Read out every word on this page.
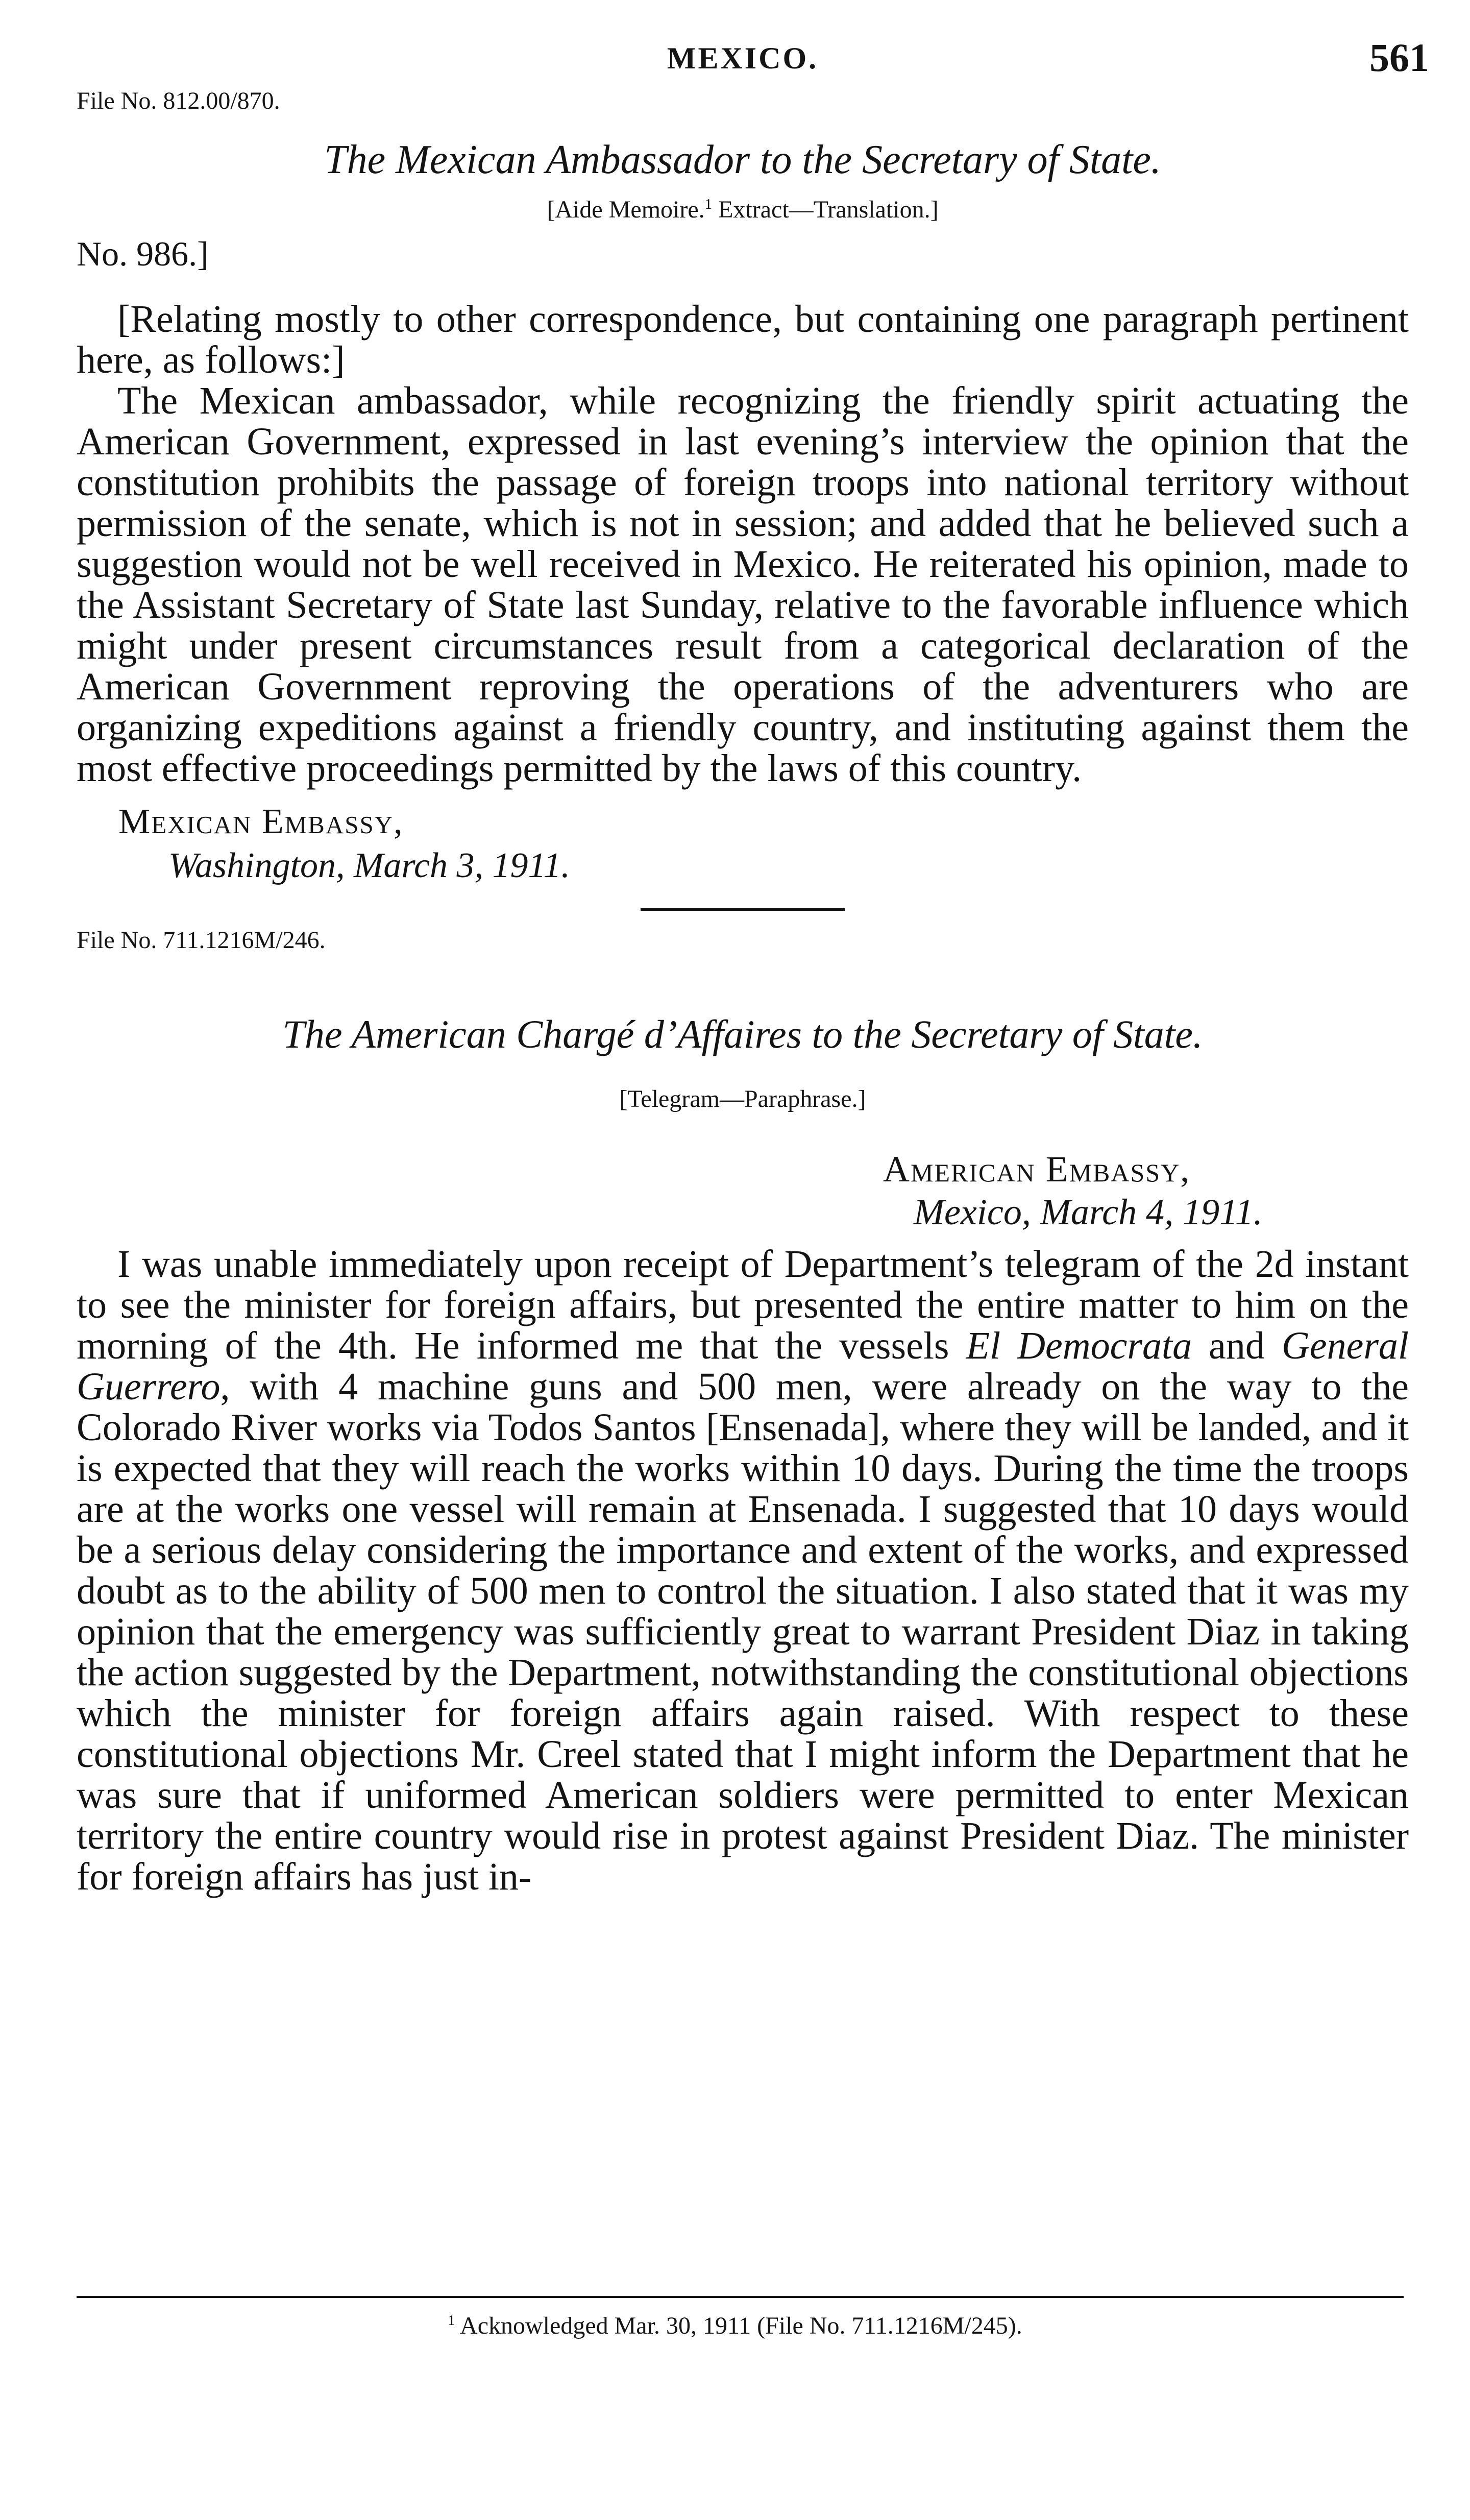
MEXICO.	561

File No. 812.00/870.

The Mexican Ambassador to the Secretary of State.

[Aide Memoire.$^1$ Extract—Translation.]

No. 986.]

[Relating mostly to other correspondence, but containing one paragraph pertinent here, as follows:]

The Mexican ambassador, while recognizing the friendly spirit actuating the American Government, expressed in last evening’s interview the opinion that the constitution prohibits the passage of foreign troops into national territory without permission of the senate, which is not in session; and added that he believed such a suggestion would not be well received in Mexico. He reiterated his opinion, made to the Assistant Secretary of State last Sunday, relative to the favorable influence which might under present circumstances result from a categorical declaration of the American Government reproving the operations of the adventurers who are organizing expeditions against a friendly country, and instituting against them the most effective proceedings permitted by the laws of this country.

Mexican Embassy,
Washington, March 3, 1911.

File No. 711.1216M/246.

The American Chargé d’Affaires to the Secretary of State.

[Telegram—Paraphrase.]

American Embassy,
Mexico, March 4, 1911.

I was unable immediately upon receipt of Department’s telegram of the 2d instant to see the minister for foreign affairs, but presented the entire matter to him on the morning of the 4th. He informed me that the vessels El Democrata and General Guerrero, with 4 machine guns and 500 men, were already on the way to the Colorado River works via Todos Santos [Ensenada], where they will be landed, and it is expected that they will reach the works within 10 days. During the time the troops are at the works one vessel will remain at Ensenada. I suggested that 10 days would be a serious delay considering the importance and extent of the works, and expressed doubt as to the ability of 500 men to control the situation. I also stated that it was my opinion that the emergency was sufficiently great to warrant President Diaz in taking the action suggested by the Department, notwithstanding the constitutional objections which the minister for foreign affairs again raised. With respect to these constitutional objections Mr. Creel stated that I might inform the Department that he was sure that if uniformed American soldiers were permitted to enter Mexican territory the entire country would rise in protest against President Diaz. The minister for foreign affairs has just in-

$^1$ Acknowledged Mar. 30, 1911 (File No. 711.1216M/245).
